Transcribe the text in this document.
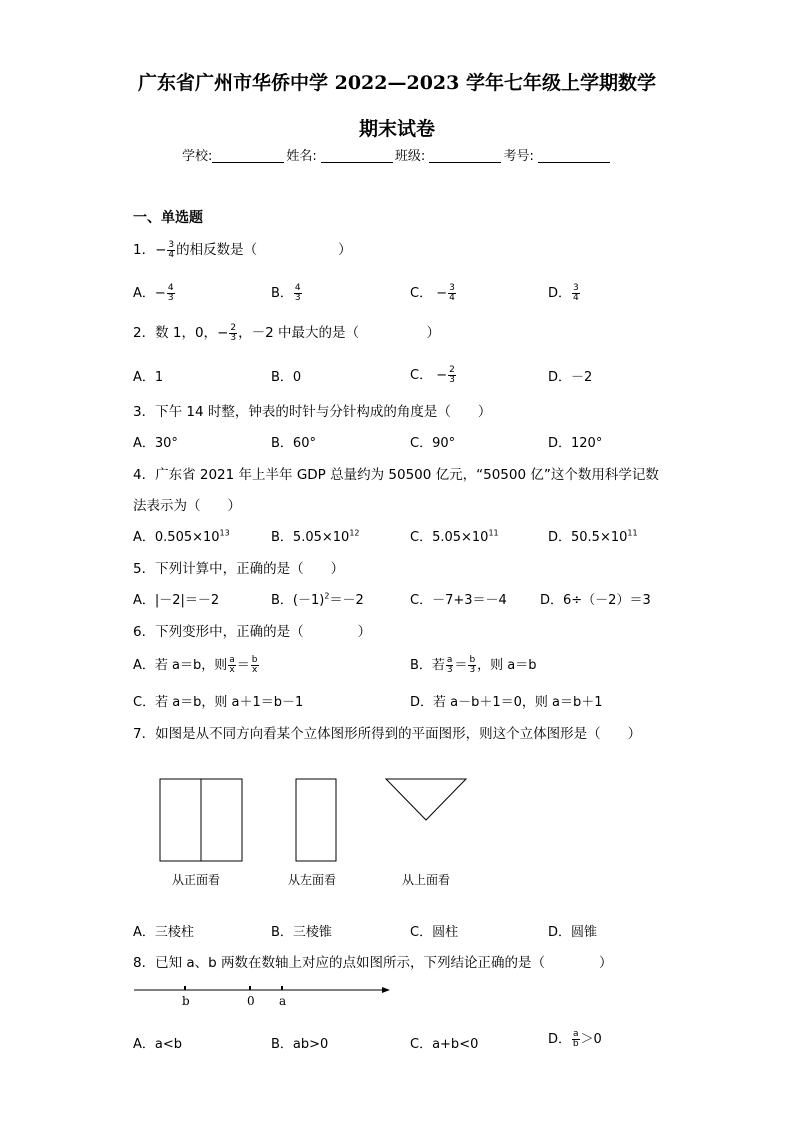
广东省广州市华侨中学 2022—2023 学年七年级上学期数学
期末试卷
学校:	姓名:	班级:	考号:
一、单选题
1．− $\frac{3}{4}$ 的相反数是（　　　　　　）
A．− $\frac{4}{3}$	B． $\frac{4}{3}$	C． − $\frac{3}{4}$	D． $\frac{3}{4}$
2．数 1，0，− $\frac{2}{3}$ ，－2 中最大的是（　　　　　）
A．1	B．0	C． − $\frac{2}{3}$	D．－2
3．下午 14 时整，钟表的时针与分针构成的角度是（　　）
A．30°	B．60°	C．90°	D．120°
4．广东省 2021 年上半年 GDP 总量约为 50500 亿元，“50500 亿”这个数用科学记数
法表示为（　　）
A．$0.505\times 10^{13}$	B．$5.05\times 10^{12}$	C．$5.05\times 10^{11}$	D．$50.5\times 10^{11}$
5．下列计算中，正确的是（　　）
A．|－2|＝－2	B．$(-1)^2=-2$	C．－7+3＝－4	D．6÷（－2）＝3
6．下列变形中，正确的是（　　　　）
A．若 a＝b，则 $\frac{a}{x} = \frac{b}{x}$	B．若 $\frac{a}{3} = \frac{b}{3}$ ，则 a＝b
C．若 a＝b，则 a＋1＝b－1	D．若 a－b＋1＝0，则 a＝b＋1
7．如图是从不同方向看某个立体图形所得到的平面图形，则这个立体图形是（　　）
从正面看	从左面看	从上面看
A．三棱柱	B．三棱锥	C．圆柱	D．圆锥
8．已知 a、b 两数在数轴上对应的点如图所示，下列结论正确的是（　　　　）
b	0 a
A．a<b	B．ab>0	C．a+b<0	D． $\frac{a}{b} >0$
